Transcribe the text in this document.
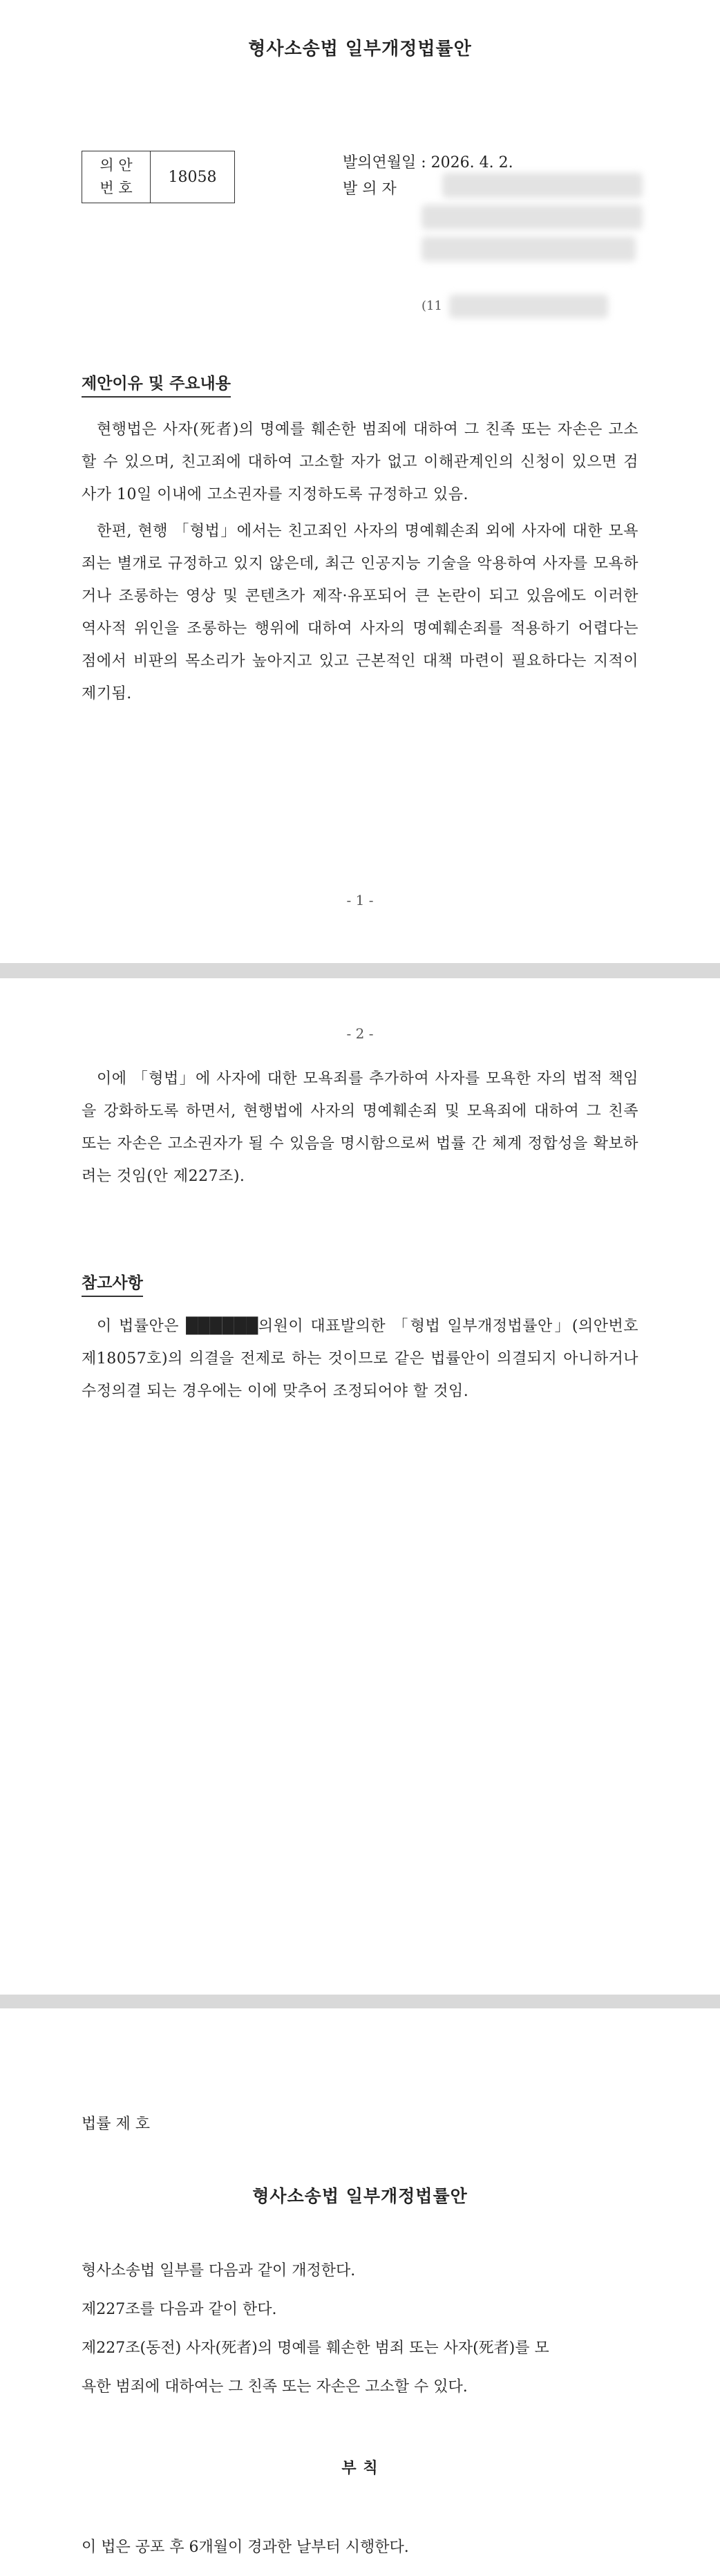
형사소송법 일부개정법률안
의 안
번 호
18058
발의연월일 : 2026. 4. 2.
발 의 자
(11
제안이유 및 주요내용

현행법은 사자(死者)의 명예를 훼손한 범죄에 대하여 그 친족 또는 자손은 고소할 수 있으며, 친고죄에 대하여 고소할 자가 없고 이해관계인의 신청이 있으면 검사가 10일 이내에 고소권자를 지정하도록 규정하고 있음.

한편, 현행 「형법」에서는 친고죄인 사자의 명예훼손죄 외에 사자에 대한 모욕죄는 별개로 규정하고 있지 않은데, 최근 인공지능 기술을 악용하여 사자를 모욕하거나 조롱하는 영상 및 콘텐츠가 제작·유포되어 큰 논란이 되고 있음에도 이러한 역사적 위인을 조롱하는 행위에 대하여 사자의 명예훼손죄를 적용하기 어렵다는 점에서 비판의 목소리가 높아지고 있고 근본적인 대책 마련이 필요하다는 지적이 제기됨.

- 1 -
- 2 -

이에 「형법」에 사자에 대한 모욕죄를 추가하여 사자를 모욕한 자의 법적 책임을 강화하도록 하면서, 현행법에 사자의 명예훼손죄 및 모욕죄에 대하여 그 친족 또는 자손은 고소권자가 될 수 있음을 명시함으로써 법률 간 체계 정합성을 확보하려는 것임(안 제227조).

참고사항

이 법률안은 ██████의원이 대표발의한 「형법 일부개정법률안」(의안번호 제18057호)의 의결을 전제로 하는 것이므로 같은 법률안이 의결되지 아니하거나 수정의결 되는 경우에는 이에 맞추어 조정되어야 할 것임.

법률 제 호
형사소송법 일부개정법률안
형사소송법 일부를 다음과 같이 개정한다.
제227조를 다음과 같이 한다.
제227조(동전) 사자(死者)의 명예를 훼손한 범죄 또는 사자(死者)를 모
욕한 범죄에 대하여는 그 친족 또는 자손은 고소할 수 있다.
부 칙
이 법은 공포 후 6개월이 경과한 날부터 시행한다.
